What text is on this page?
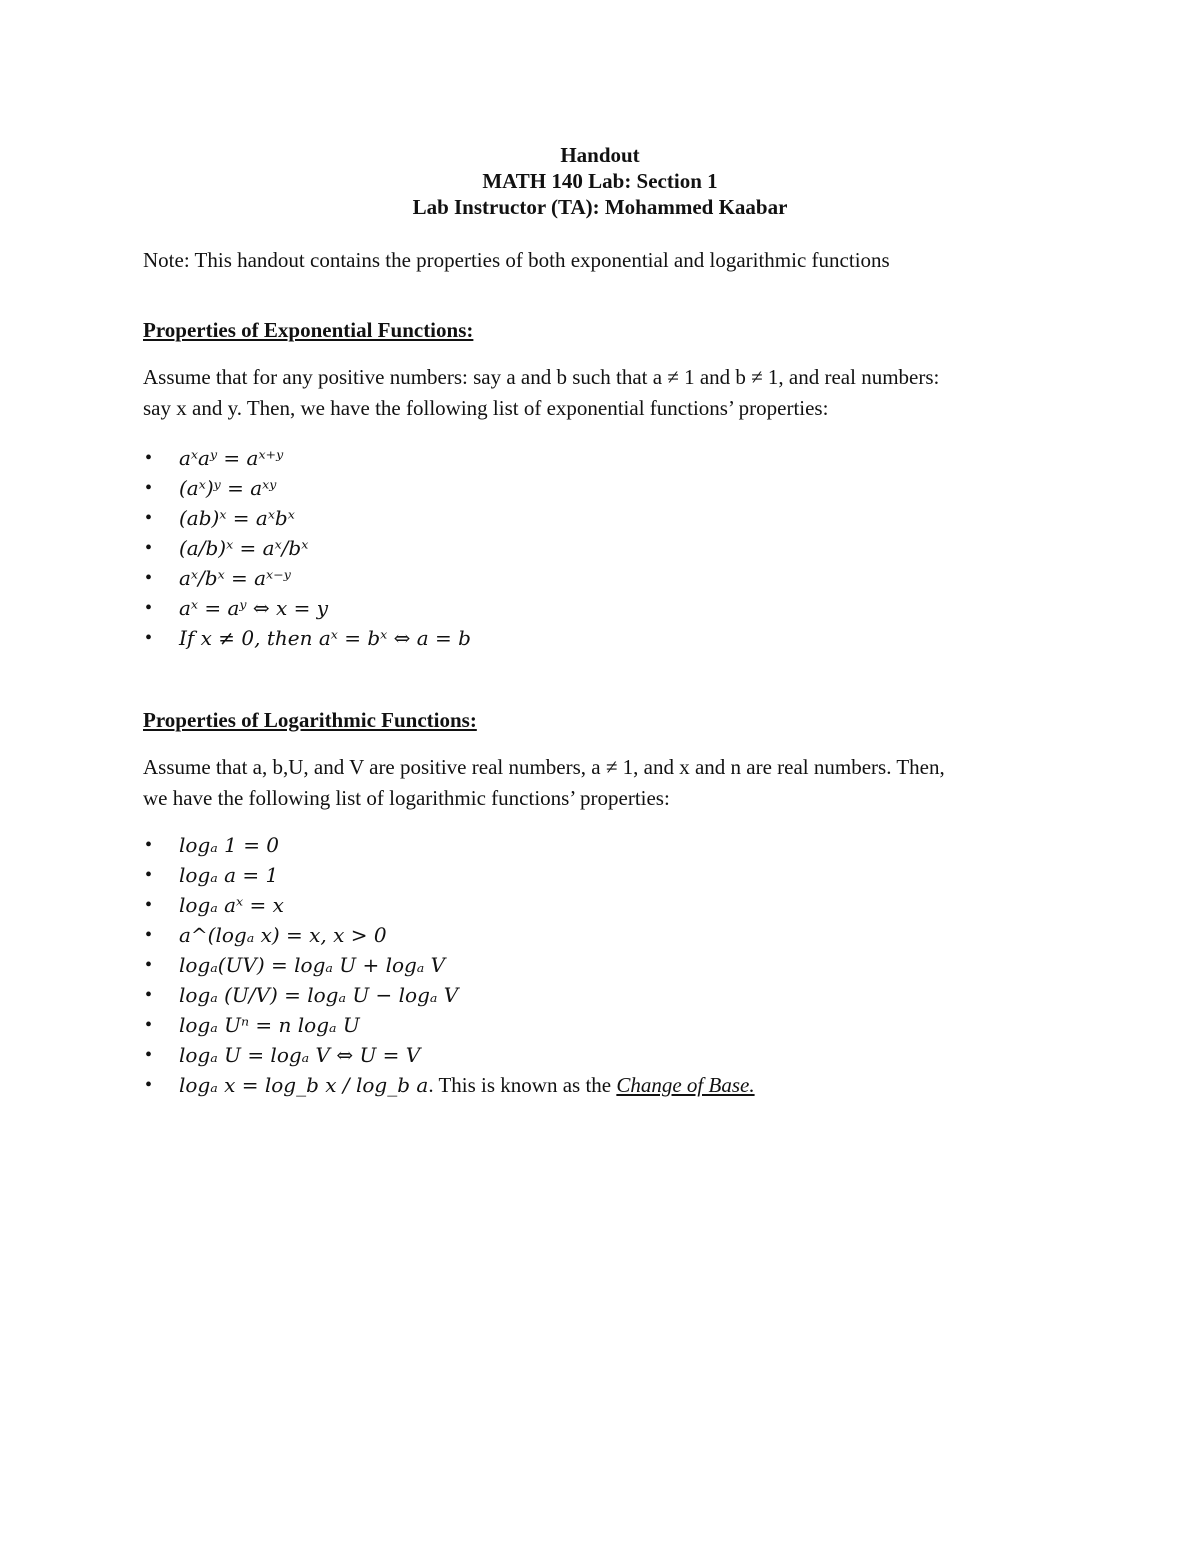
Handout
MATH 140 Lab: Section 1
Lab Instructor (TA): Mohammed Kaabar
Note: This handout contains the properties of both exponential and logarithmic functions
Properties of Exponential Functions:
Assume that for any positive numbers: say a and b such that a ≠ 1 and b ≠ 1, and real numbers:
say x and y. Then, we have the following list of exponential functions’ properties:
• aˣaʸ = aˣ⁺ʸ
• (aˣ)ʸ = aˣʸ
• (ab)ˣ = aˣbˣ
• (a/b)ˣ = aˣ/bˣ
• aˣ/bˣ = aˣ⁻ʸ
• aˣ = aʸ ⇔ x = y
• If x ≠ 0, then aˣ = bˣ ⇔ a = b
Properties of Logarithmic Functions:
Assume that a, b,U, and V are positive real numbers, a ≠ 1, and x and n are real numbers. Then,
we have the following list of logarithmic functions’ properties:
• logₐ 1 = 0
• logₐ a = 1
• logₐ aˣ = x
• a^(logₐ x) = x, x > 0
• logₐ(UV) = logₐ U + logₐ V
• logₐ (U/V) = logₐ U − logₐ V
• logₐ Uⁿ = n logₐ U
• logₐ U = logₐ V ⇔ U = V
• logₐ x = log_b x / log_b a. This is known as the Change of Base.
